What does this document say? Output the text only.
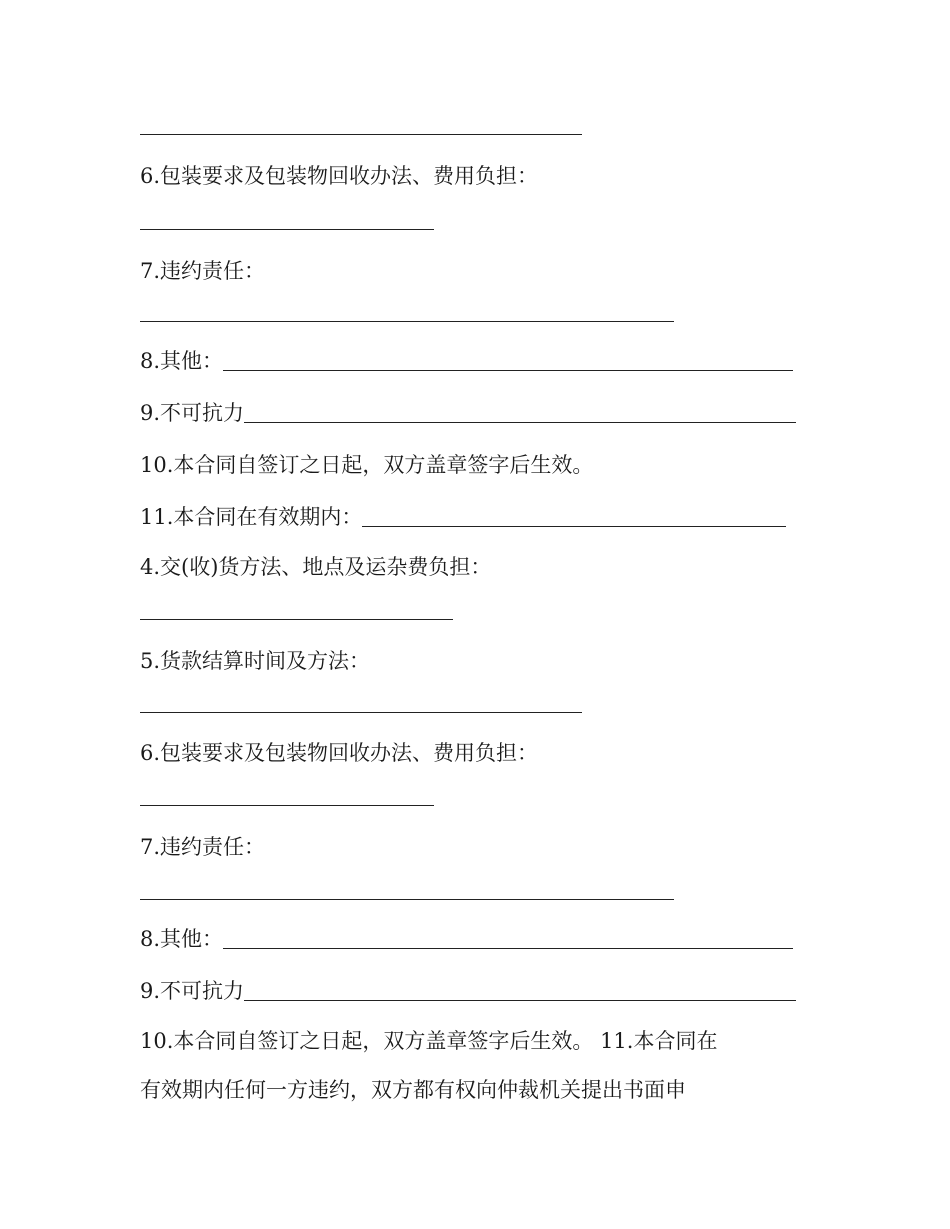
6.包装要求及包装物回收办法、费用负担：
7.违约责任：
8.其他：
9.不可抗力
10.本合同自签订之日起，双方盖章签字后生效。
11.本合同在有效期内：
4.交(收)货方法、地点及运杂费负担：
5.货款结算时间及方法：
6.包装要求及包装物回收办法、费用负担：
7.违约责任：
8.其他：
9.不可抗力
10.本合同自签订之日起，双方盖章签字后生效。 11.本合同在
有效期内任何一方违约，双方都有权向仲裁机关提出书面申
